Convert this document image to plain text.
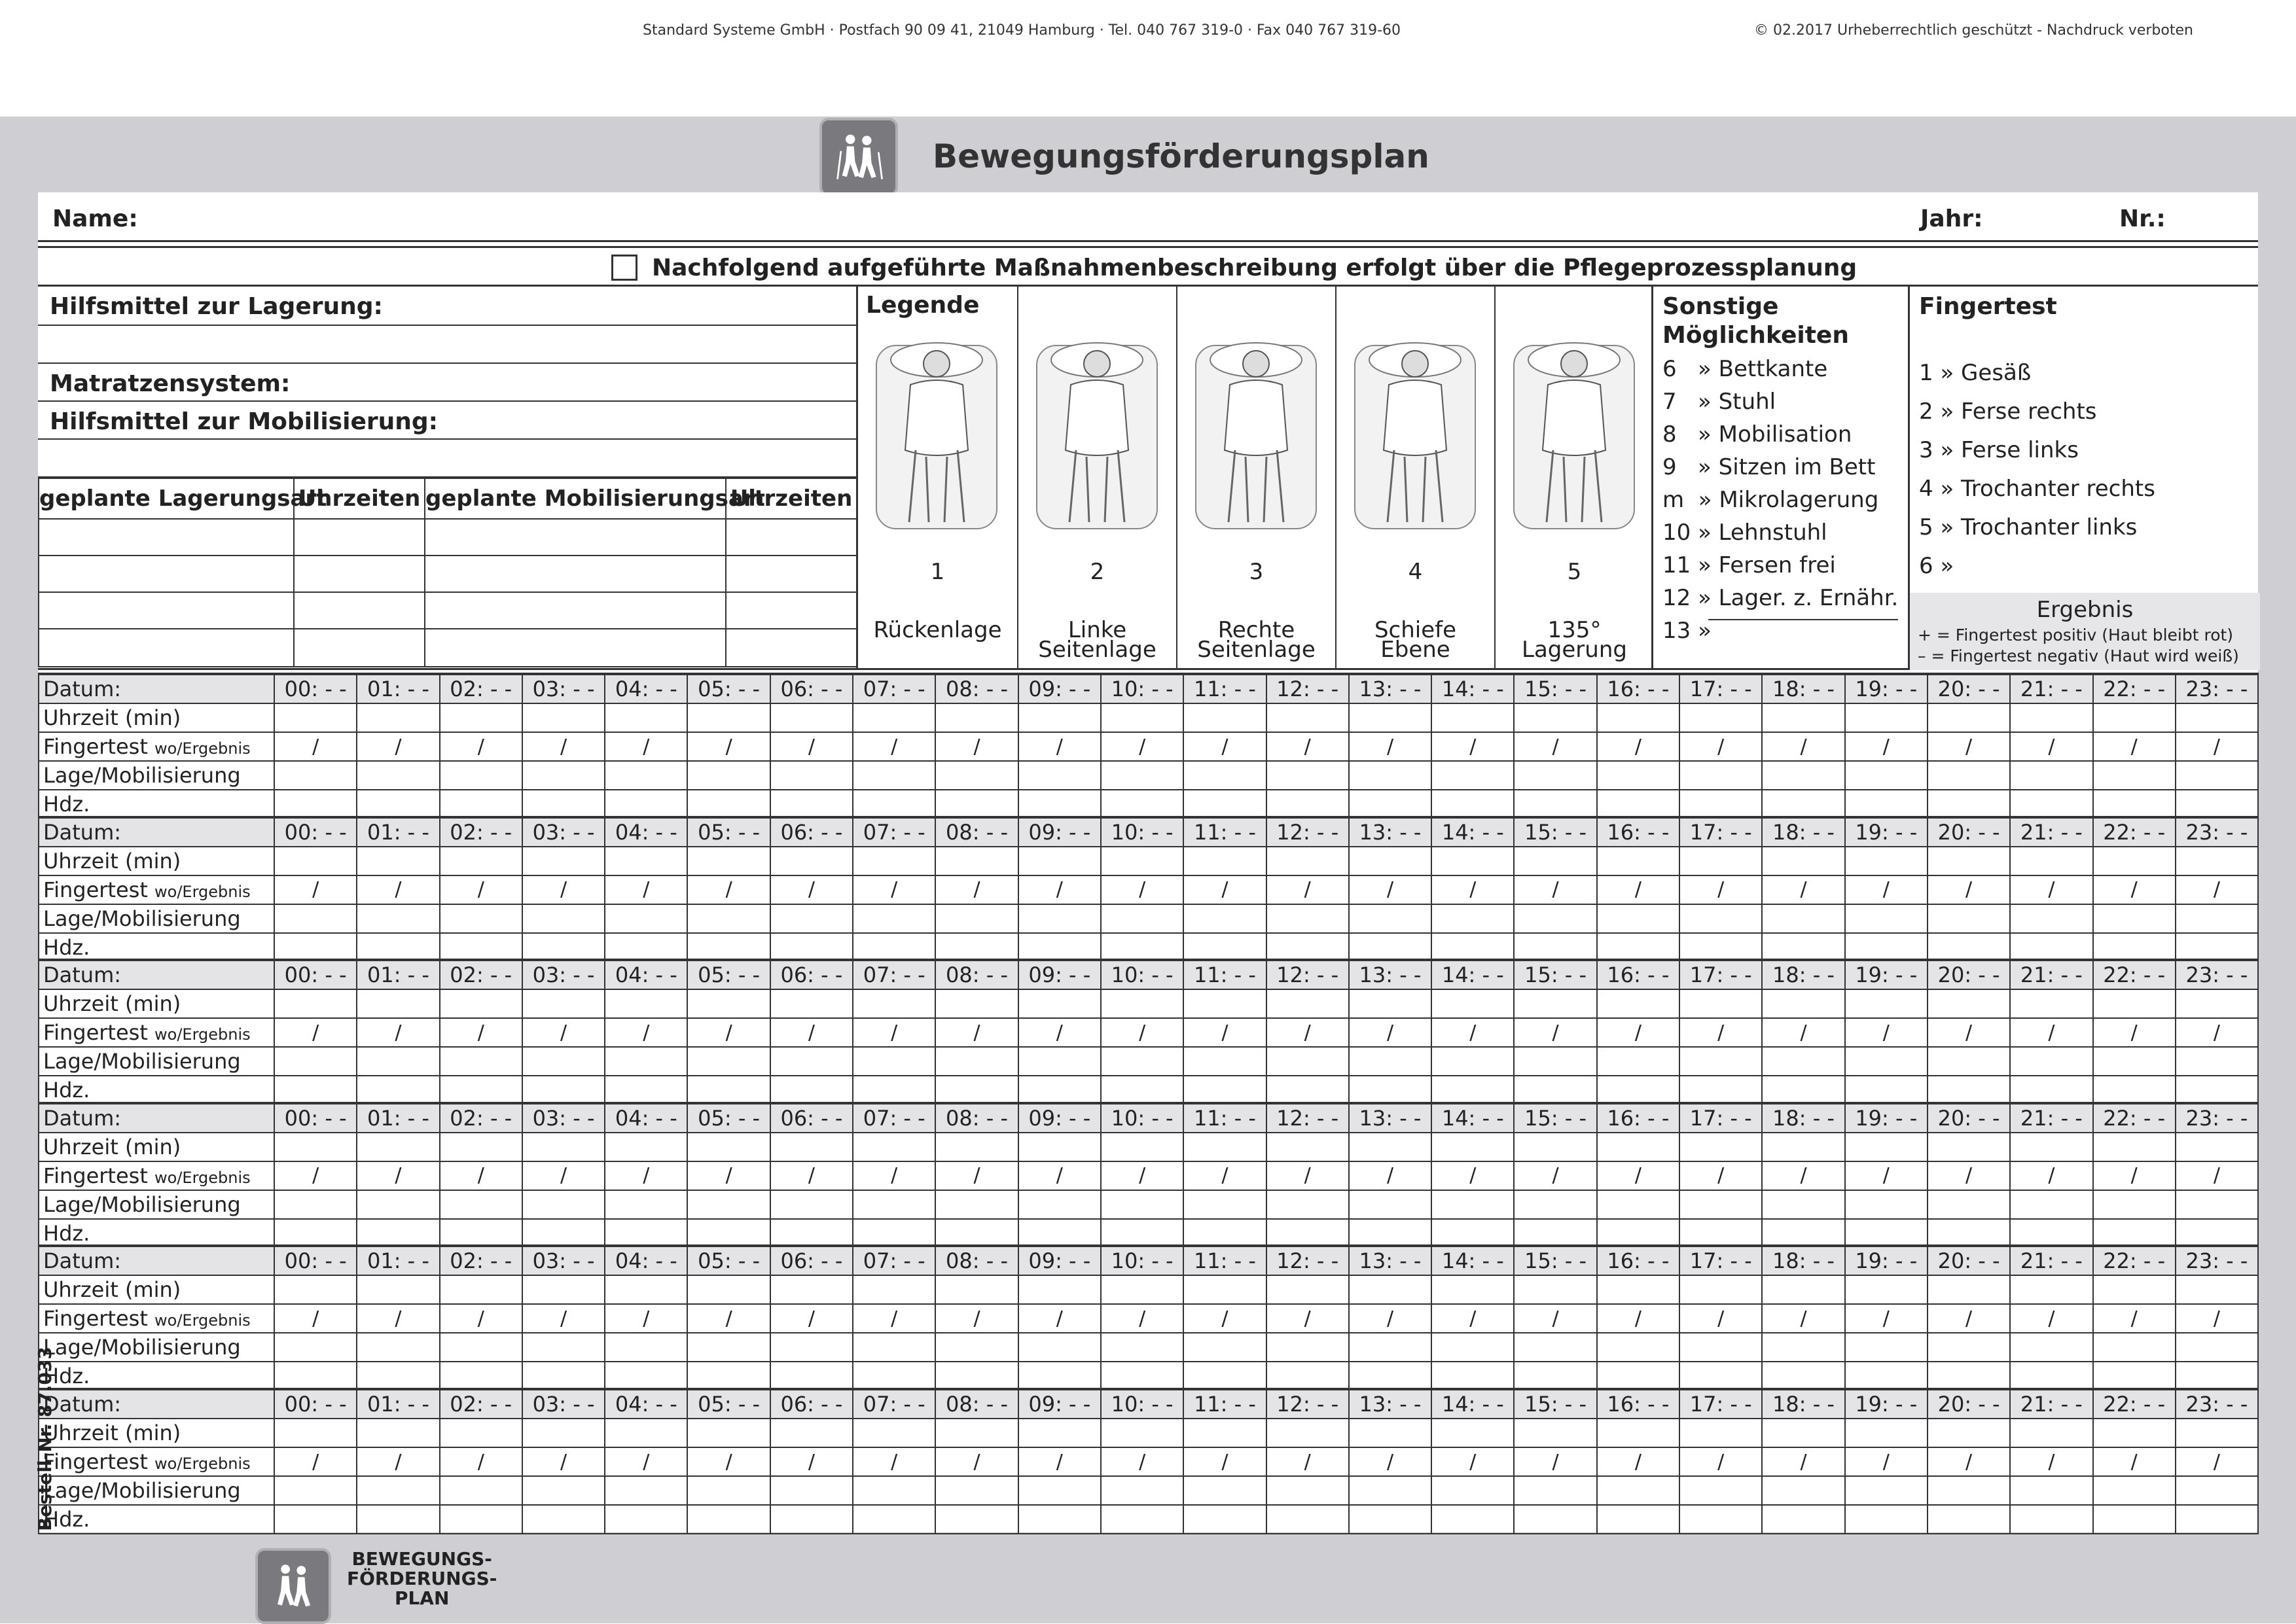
Standard Systeme GmbH · Postfach 90 09 41, 21049 Hamburg · Tel. 040 767 319-0 · Fax 040 767 319-60	© 02.2017 Urheberrechtlich geschützt - Nachdruck verboten
Bewegungsförderungsplan
Name:	Jahr:	Nr.:
Nachfolgend aufgeführte Maßnahmenbeschreibung erfolgt über die Pflegeprozessplanung
Hilfsmittel zur Lagerung:
Matratzensystem:
Hilfsmittel zur Mobilisierung:
geplante Lagerungsart	Uhrzeiten	geplante Mobilisierungsart	Uhrzeiten

Legende
1
Rückenlage
2
Linke
Seitenlage
3
Rechte
Seitenlage
4
Schiefe Ebene
5
135°
Lagerung
Sonstige
Möglichkeiten
6   » Bettkante
7   » Stuhl
8   » Mobilisation
9   » Sitzen im Bett
m  » Mikrolagerung
10 » Lehnstuhl
11 » Fersen frei
12 » Lager. z. Ernähr.
13 »
Fingertest
1 » Gesäß
2 » Ferse rechts
3 » Ferse links
4 » Trochanter rechts
5 » Trochanter links
6 »
Ergebnis
+ = Fingertest positiv (Haut bleibt rot)
– = Fingertest negativ (Haut wird weiß)
Datum:	00: - -	01: - -	02: - -	03: - -	04: - -	05: - -	06: - -	07: - -	08: - -	09: - -	10: - -	11: - -	12: - -	13: - -	14: - -	15: - -	16: - -	17: - -	18: - -	19: - -	20: - -	21: - -	22: - -	23: - -
Uhrzeit (min)																								
Fingertest wo/Ergebnis	/	/	/	/	/	/	/	/	/	/	/	/	/	/	/	/	/	/	/	/	/	/	/	/
Lage/Mobilisierung																								
Hdz.																								
Datum:	00: - -	01: - -	02: - -	03: - -	04: - -	05: - -	06: - -	07: - -	08: - -	09: - -	10: - -	11: - -	12: - -	13: - -	14: - -	15: - -	16: - -	17: - -	18: - -	19: - -	20: - -	21: - -	22: - -	23: - -
Uhrzeit (min)																								
Fingertest wo/Ergebnis	/	/	/	/	/	/	/	/	/	/	/	/	/	/	/	/	/	/	/	/	/	/	/	/
Lage/Mobilisierung																								
Hdz.																								
Datum:	00: - -	01: - -	02: - -	03: - -	04: - -	05: - -	06: - -	07: - -	08: - -	09: - -	10: - -	11: - -	12: - -	13: - -	14: - -	15: - -	16: - -	17: - -	18: - -	19: - -	20: - -	21: - -	22: - -	23: - -
Uhrzeit (min)																								
Fingertest wo/Ergebnis	/	/	/	/	/	/	/	/	/	/	/	/	/	/	/	/	/	/	/	/	/	/	/	/
Lage/Mobilisierung																								
Hdz.																								
Datum:	00: - -	01: - -	02: - -	03: - -	04: - -	05: - -	06: - -	07: - -	08: - -	09: - -	10: - -	11: - -	12: - -	13: - -	14: - -	15: - -	16: - -	17: - -	18: - -	19: - -	20: - -	21: - -	22: - -	23: - -
Uhrzeit (min)																								
Fingertest wo/Ergebnis	/	/	/	/	/	/	/	/	/	/	/	/	/	/	/	/	/	/	/	/	/	/	/	/
Lage/Mobilisierung																								
Hdz.																								
Datum:	00: - -	01: - -	02: - -	03: - -	04: - -	05: - -	06: - -	07: - -	08: - -	09: - -	10: - -	11: - -	12: - -	13: - -	14: - -	15: - -	16: - -	17: - -	18: - -	19: - -	20: - -	21: - -	22: - -	23: - -
Uhrzeit (min)																								
Fingertest wo/Ergebnis	/	/	/	/	/	/	/	/	/	/	/	/	/	/	/	/	/	/	/	/	/	/	/	/
Lage/Mobilisierung																								
Hdz.																								
Datum:	00: - -	01: - -	02: - -	03: - -	04: - -	05: - -	06: - -	07: - -	08: - -	09: - -	10: - -	11: - -	12: - -	13: - -	14: - -	15: - -	16: - -	17: - -	18: - -	19: - -	20: - -	21: - -	22: - -	23: - -
Uhrzeit (min)																								
Fingertest wo/Ergebnis	/	/	/	/	/	/	/	/	/	/	/	/	/	/	/	/	/	/	/	/	/	/	/	/
Lage/Mobilisierung																								
Hdz.																								
Bestell-Nr. 87.033
BEWEGUNGS-
FÖRDERUNGS-
PLAN
